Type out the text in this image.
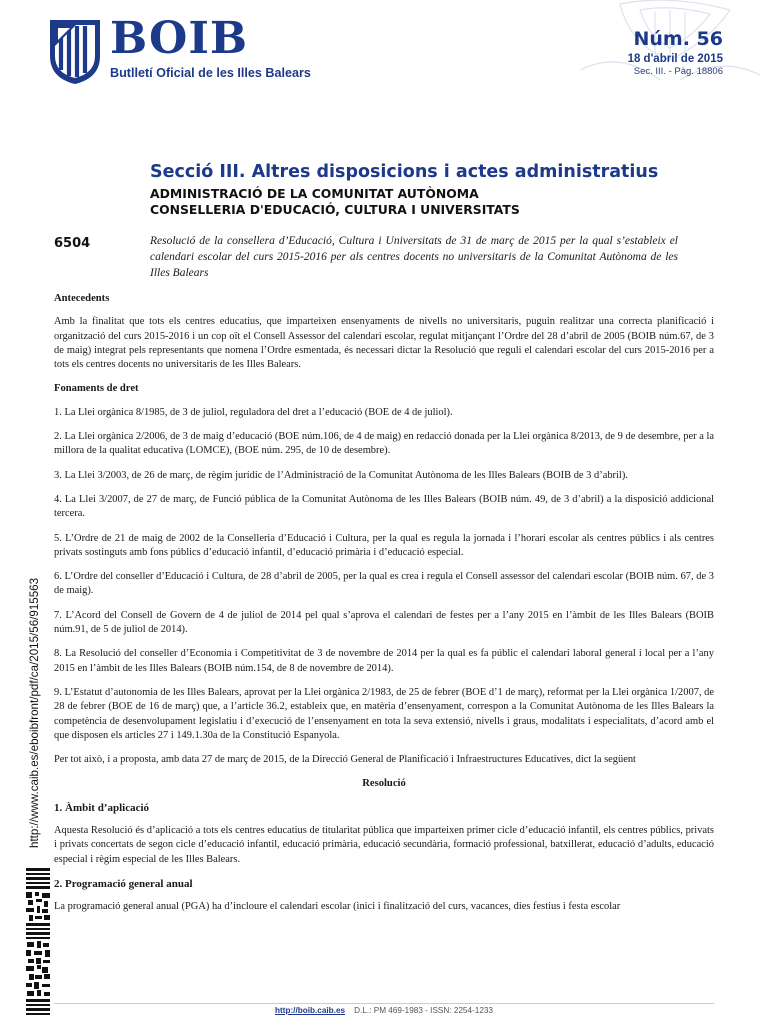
BOIB
Butlletí Oficial de les Illes Balears
Núm. 56
18 d'abril de 2015
Sec. III. - Pàg. 18806
Secció III. Altres disposicions i actes administratius
ADMINISTRACIÓ DE LA COMUNITAT AUTÒNOMA
CONSELLERIA D'EDUCACIÓ, CULTURA I UNIVERSITATS
6504	Resolució de la consellera d’Educació, Cultura i Universitats de 31 de març de 2015 per la qual s’estableix el calendari escolar del curs 2015-2016 per als centres docents no universitaris de la Comunitat Autònoma de les Illes Balears
Antecedents

Amb la finalitat que tots els centres educatius, que imparteixen ensenyaments de nivells no universitaris, puguin realitzar una correcta planificació i organització del curs 2015-2016 i un cop oït el Consell Assessor del calendari escolar, regulat mitjançant l’Ordre del 28 d’abril de 2005 (BOIB núm.67, de 3 de maig) integrat pels representants que nomena l’Ordre esmentada, és necessari dictar la Resolució que reguli el calendari escolar del curs 2015-2016 per a tots els centres docents no universitaris de les Illes Balears.

Fonaments de dret

1. La Llei orgànica 8/1985, de 3 de juliol, reguladora del dret a l’educació (BOE de 4 de juliol).

2. La Llei orgànica 2/2006, de 3 de maig d’educació (BOE núm.106, de 4 de maig) en redacció donada per la Llei orgànica 8/2013, de 9 de desembre, per a la millora de la qualitat educativa (LOMCE), (BOE núm. 295, de 10 de desembre).

3. La Llei 3/2003, de 26 de març, de règim jurídic de l’Administració de la Comunitat Autònoma de les Illes Balears (BOIB de 3 d’abril).

4. La Llei 3/2007, de 27 de març, de Funció pública de la Comunitat Autònoma de les Illes Balears (BOIB núm. 49, de 3 d’abril) a la disposició addicional tercera.

5. L’Ordre de 21 de maig de 2002 de la Conselleria d’Educació i Cultura, per la qual es regula la jornada i l’horari escolar als centres públics i als centres privats sostinguts amb fons públics d’educació infantil, d’educació primària i d’educació especial.

6. L’Ordre del conseller d’Educació i Cultura, de 28 d’abril de 2005, per la qual es crea i regula el Consell assessor del calendari escolar (BOIB núm. 67, de 3 de maig).

7. L’Acord del Consell de Govern de 4 de juliol de 2014 pel qual s’aprova el calendari de festes per a l’any 2015 en l’àmbit de les Illes Balears (BOIB núm.91, de 5 de juliol de 2014).

8. La Resolució del conseller d’Economia i Competitivitat de 3 de novembre de 2014 per la qual es fa públic el calendari laboral general i local per a l’any 2015 en l’àmbit de les Illes Balears (BOIB núm.154, de 8 de novembre de 2014).

9. L’Estatut d’autonomia de les Illes Balears, aprovat per la Llei orgànica 2/1983, de 25 de febrer (BOE d’1 de març), reformat per la Llei orgànica 1/2007, de 28 de febrer (BOE de 16 de març) que, a l’article 36.2, estableix que, en matèria d’ensenyament, correspon a la Comunitat Autònoma de les Illes Balears la competència de desenvolupament legislatiu i d’execució de l’ensenyament en tota la seva extensió, nivells i graus, modalitats i especialitats, d’acord amb el que disposen els articles 27 i 149.1.30a de la Constitució Espanyola.

Per tot això, i a proposta, amb data 27 de març de 2015, de la Direcció General de Planificació i Infraestructures Educatives, dict la següent

Resolució
1. Àmbit d’aplicació

Aquesta Resolució és d’aplicació a tots els centres educatius de titularitat pública que imparteixen primer cicle d’educació infantil, els centres públics, privats i privats concertats de segon cicle d’educació infantil, educació primària, educació secundària, formació professional, batxillerat, educació d’adults, educació especial i règim especial de les Illes Balears.

2. Programació general anual

La programació general anual (PGA) ha d’incloure el calendari escolar (inici i finalització del curs, vacances, dies festius i festa escolar

http://www.caib.es/eboibfront/pdf/ca/2015/56/915563
http://boib.caib.es D.L.: PM 469-1983 - ISSN: 2254-1233
